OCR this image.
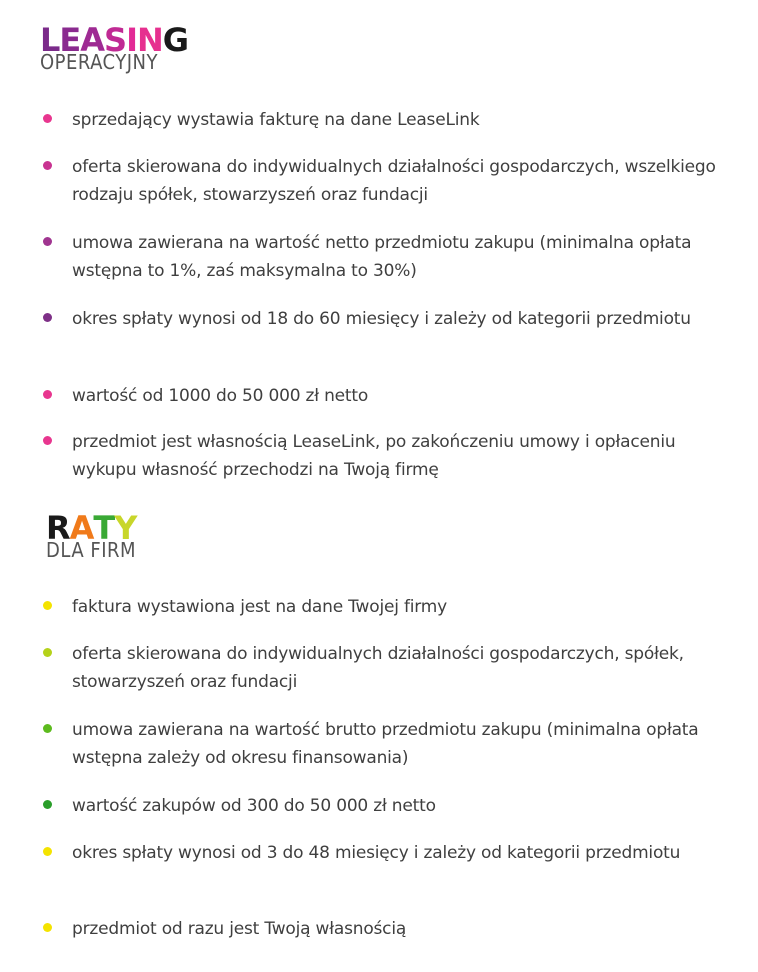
LEASING
OPERACYJNY
sprzedający wystawia fakturę na dane LeaseLink
oferta skierowana do indywidualnych działalności gospodarczych, wszelkiego rodzaju spółek, stowarzyszeń oraz fundacji
umowa zawierana na wartość netto przedmiotu zakupu (minimalna opłata wstępna to 1%, zaś maksymalna to 30%)
okres spłaty wynosi od 18 do 60 miesięcy i zależy od kategorii przedmiotu
wartość od 1000 do 50 000 zł netto
przedmiot jest własnością LeaseLink, po zakończeniu umowy i opłaceniu wykupu własność przechodzi na Twoją firmę
RATY
DLA FIRM
faktura wystawiona jest na dane Twojej firmy
oferta skierowana do indywidualnych działalności gospodarczych, spółek, stowarzyszeń oraz fundacji
umowa zawierana na wartość brutto przedmiotu zakupu (minimalna opłata wstępna zależy od okresu finansowania)
wartość zakupów od 300 do 50 000 zł netto
okres spłaty wynosi od 3 do 48 miesięcy i zależy od kategorii przedmiotu
przedmiot od razu jest Twoją własnością
